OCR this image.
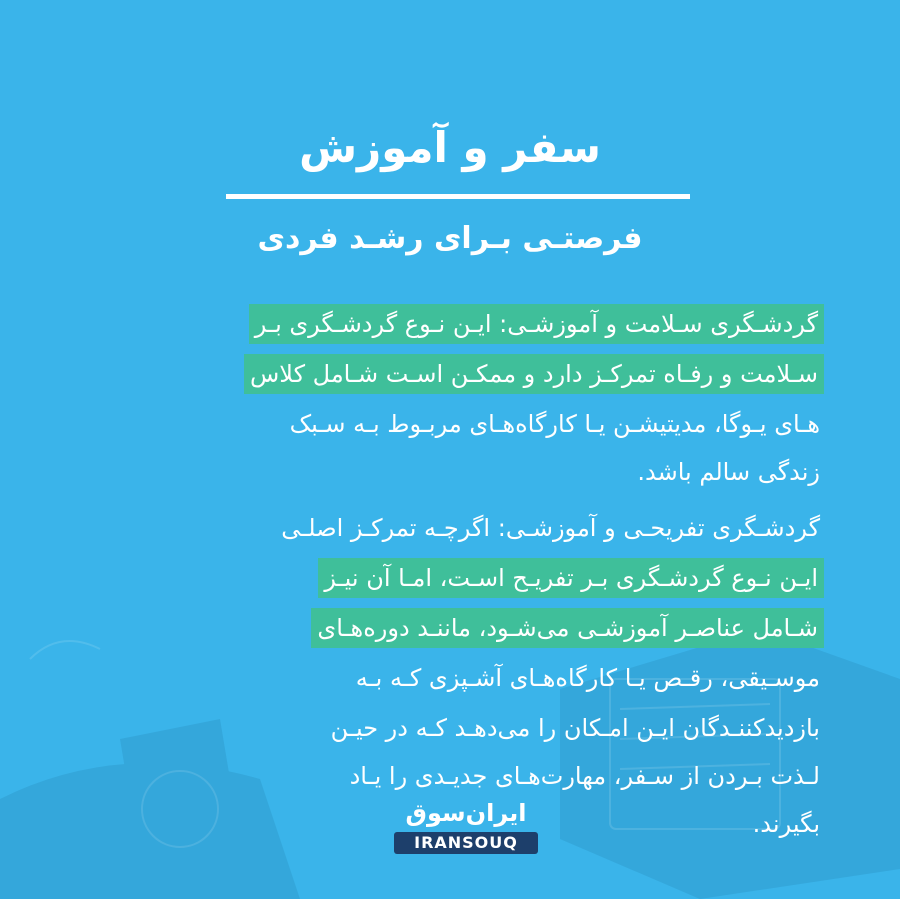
سفر و آموزش
فرصتـی بـرای رشـد فردی
گردشـگری سـلامت و آموزشـی: ایـن نـوع گردشـگری بـر
سـلامت و رفـاه تمرکـز دارد و ممکـن اسـت شـامل کلاس
هـای یـوگا، مدیتیشـن یـا کارگاه‌هـای مربـوط بـه سـبک
زندگی سالم باشد.
گردشـگری تفریحـی و آموزشـی: اگرچـه تمرکـز اصلـی
ایـن نـوع گردشـگری بـر تفریـح اسـت، امـا آن نیـز
شـامل عناصـر آموزشـی می‌شـود، ماننـد دوره‌هـای
موسـیقی، رقـص یـا کارگاه‌هـای آشـپزی کـه بـه
بازدیدکننـدگان ایـن امـکان را می‌دهـد کـه در حیـن
لـذت بـردن از سـفر، مهارت‌هـای جدیـدی را یـاد
بگیرند.
ایران‌سوق
IRANSOUQ
